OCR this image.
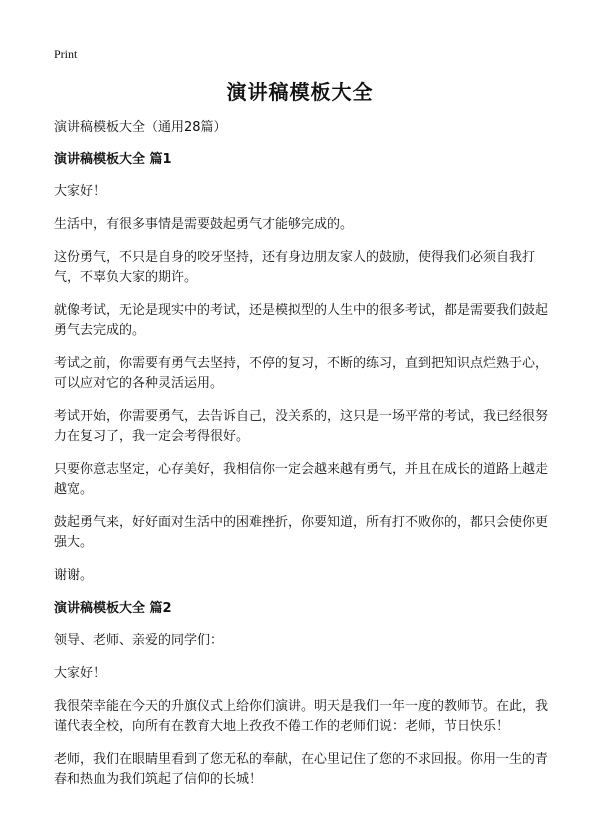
Print
演讲稿模板大全

演讲稿模板大全（通用28篇）

演讲稿模板大全 篇1

大家好！

生活中，有很多事情是需要鼓起勇气才能够完成的。

这份勇气，不只是自身的咬牙坚持，还有身边朋友家人的鼓励，使得我们必须自我打气，不辜负大家的期许。

就像考试，无论是现实中的考试，还是模拟型的人生中的很多考试，都是需要我们鼓起勇气去完成的。

考试之前，你需要有勇气去坚持，不停的复习，不断的练习，直到把知识点烂熟于心，可以应对它的各种灵活运用。

考试开始，你需要勇气，去告诉自己，没关系的，这只是一场平常的考试，我已经很努力在复习了，我一定会考得很好。

只要你意志坚定，心存美好，我相信你一定会越来越有勇气，并且在成长的道路上越走越宽。

鼓起勇气来，好好面对生活中的困难挫折，你要知道，所有打不败你的，都只会使你更强大。

谢谢。

演讲稿模板大全 篇2

领导、老师、亲爱的同学们：

大家好！

我很荣幸能在今天的升旗仪式上给你们演讲。明天是我们一年一度的教师节。在此，我谨代表全校，向所有在教育大地上孜孜不倦工作的老师们说：老师，节日快乐！

老师，我们在眼睛里看到了您无私的奉献，在心里记住了您的不求回报。你用一生的青春和热血为我们筑起了信仰的长城！
